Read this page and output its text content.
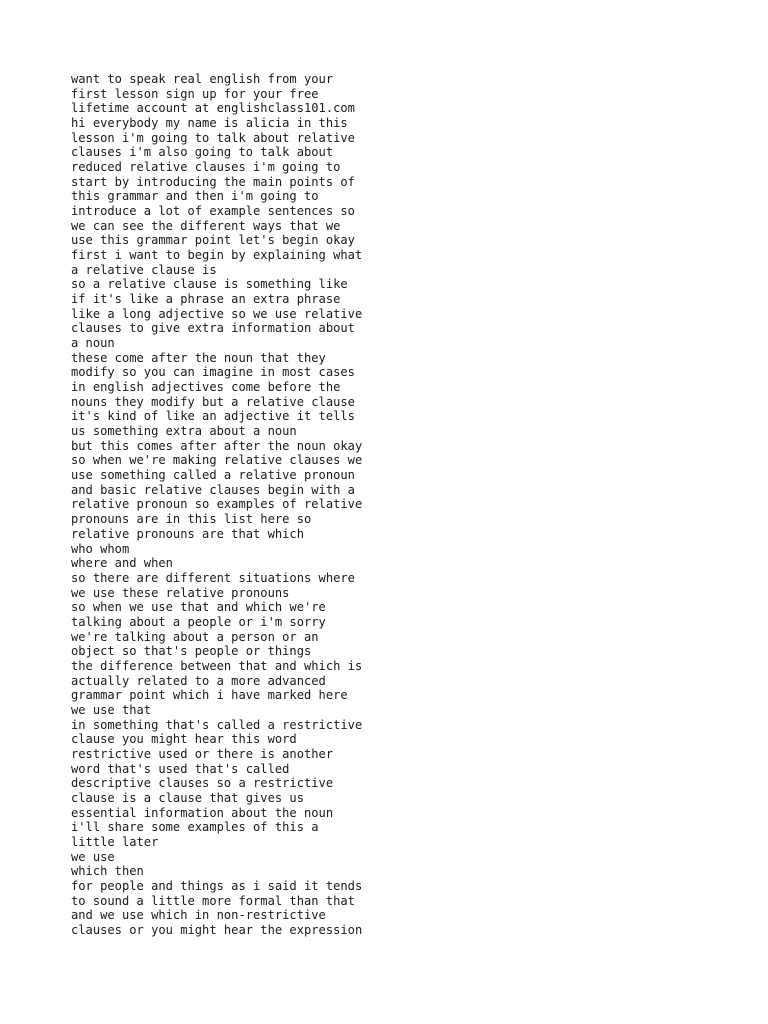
want to speak real english from your
first lesson sign up for your free
lifetime account at englishclass101.com
hi everybody my name is alicia in this
lesson i'm going to talk about relative
clauses i'm also going to talk about
reduced relative clauses i'm going to
start by introducing the main points of
this grammar and then i'm going to
introduce a lot of example sentences so
we can see the different ways that we
use this grammar point let's begin okay
first i want to begin by explaining what
a relative clause is
so a relative clause is something like
if it's like a phrase an extra phrase
like a long adjective so we use relative
clauses to give extra information about
a noun
these come after the noun that they
modify so you can imagine in most cases
in english adjectives come before the
nouns they modify but a relative clause
it's kind of like an adjective it tells
us something extra about a noun
but this comes after after the noun okay
so when we're making relative clauses we
use something called a relative pronoun
and basic relative clauses begin with a
relative pronoun so examples of relative
pronouns are in this list here so
relative pronouns are that which
who whom
where and when
so there are different situations where
we use these relative pronouns
so when we use that and which we're
talking about a people or i'm sorry
we're talking about a person or an
object so that's people or things
the difference between that and which is
actually related to a more advanced
grammar point which i have marked here
we use that
in something that's called a restrictive
clause you might hear this word
restrictive used or there is another
word that's used that's called
descriptive clauses so a restrictive
clause is a clause that gives us
essential information about the noun
i'll share some examples of this a
little later
we use
which then
for people and things as i said it tends
to sound a little more formal than that
and we use which in non-restrictive
clauses or you might hear the expression
